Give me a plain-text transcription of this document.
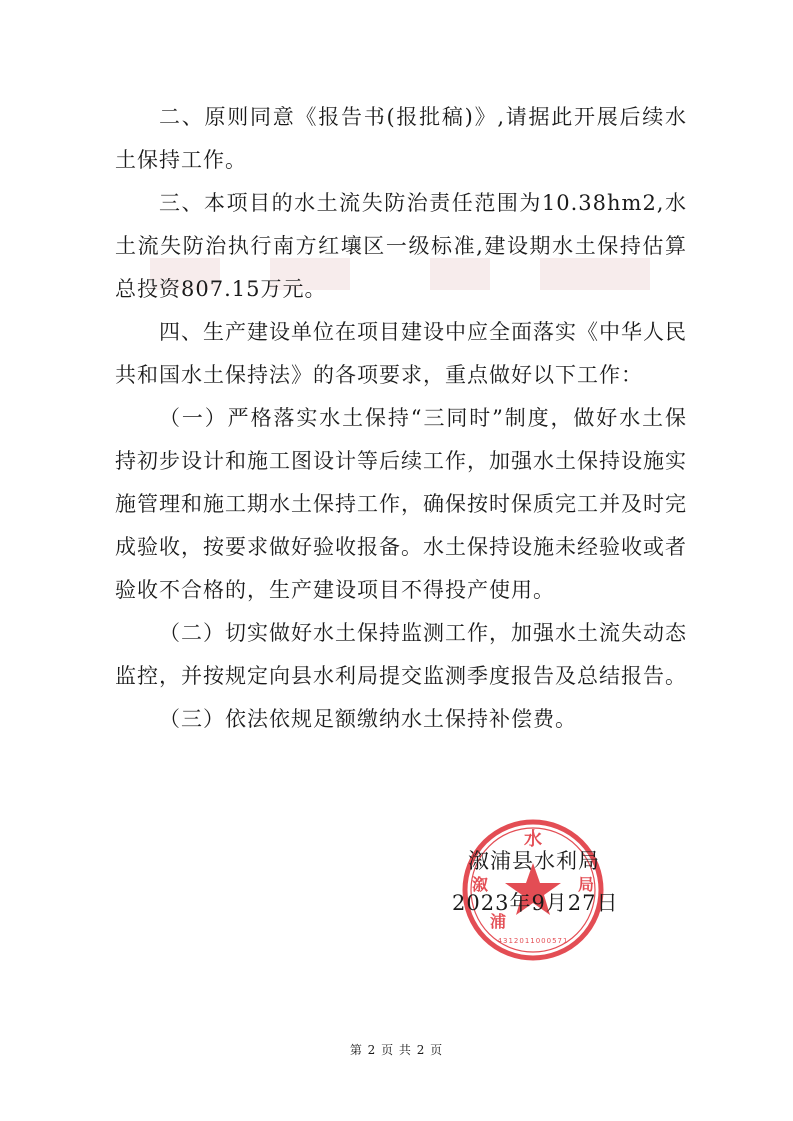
二、原则同意《报告书(报批稿)》,请据此开展后续水土保持工作。

三、本项目的水土流失防治责任范围为10.38hm2,水土流失防治执行南方红壤区一级标准,建设期水土保持估算总投资807.15万元。

四、生产建设单位在项目建设中应全面落实《中华人民共和国水土保持法》的各项要求，重点做好以下工作：

（一）严格落实水土保持“三同时”制度，做好水土保持初步设计和施工图设计等后续工作，加强水土保持设施实施管理和施工期水土保持工作，确保按时保质完工并及时完成验收，按要求做好验收报备。水土保持设施未经验收或者验收不合格的，生产建设项目不得投产使用。

（二）切实做好水土保持监测工作，加强水土流失动态监控，并按规定向县水利局提交监测季度报告及总结报告。

（三）依法依规足额缴纳水土保持补偿费。

水
溆
浦
局
4312011000571
溆浦县水利局
2023年9月27日
第 2 页 共 2 页
